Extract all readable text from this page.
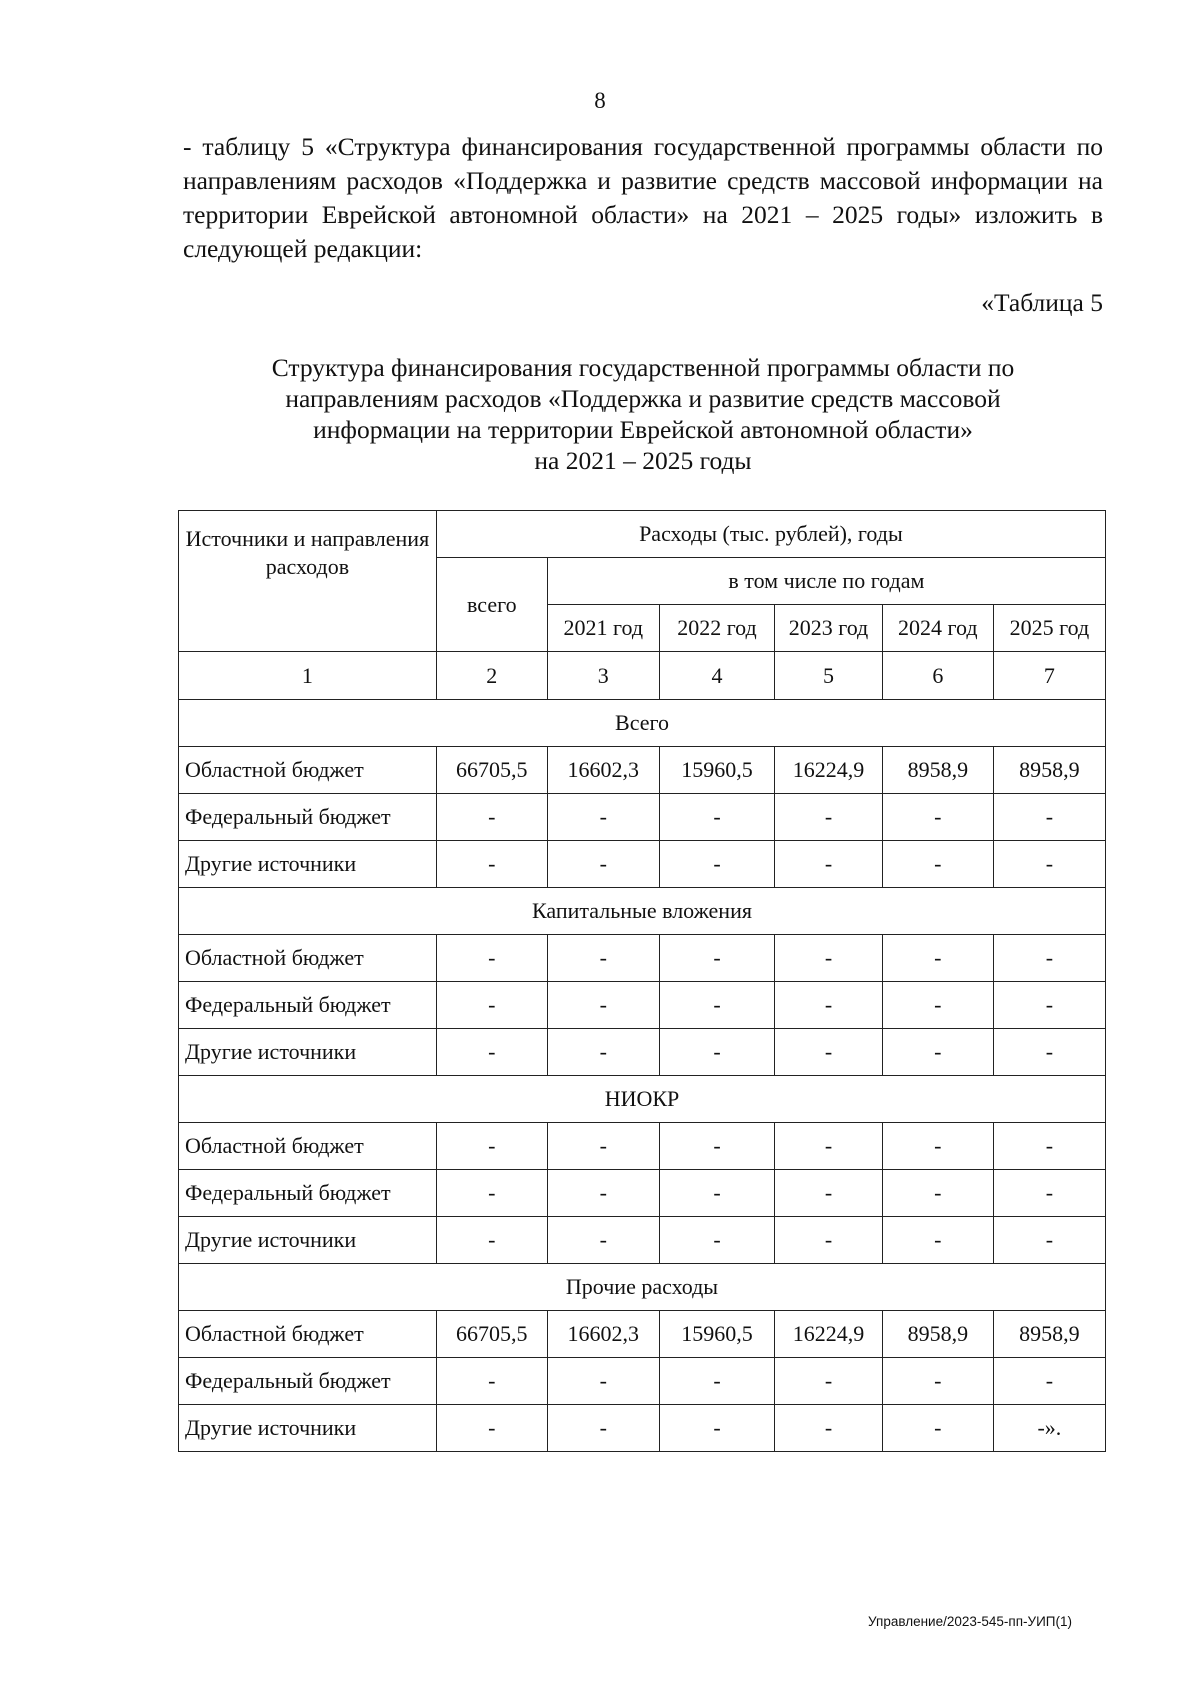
8

- таблицу 5 «Структура финансирования государственной программы области по направлениям расходов «Поддержка и развитие средств массовой информации на территории Еврейской автономной области» на 2021 – 2025 годы» изложить в следующей редакции:

«Таблица 5
Структура финансирования государственной программы области по
направлениям расходов «Поддержка и развитие средств массовой
информации на территории Еврейской автономной области»
на 2021 – 2025 годы
Источники и направления расходов	Расходы (тыс. рублей), годы					
	всего	в том числе по годам				
		2021 год	2022 год	2023 год	2024 год	2025 год
1	2	3	4	5	6	7
Всего						
Областной бюджет	66705,5	16602,3	15960,5	16224,9	8958,9	8958,9
Федеральный бюджет	-	-	-	-	-	-
Другие источники	-	-	-	-	-	-
Капитальные вложения						
Областной бюджет	-	-	-	-	-	-
Федеральный бюджет	-	-	-	-	-	-
Другие источники	-	-	-	-	-	-
НИОКР						
Областной бюджет	-	-	-	-	-	-
Федеральный бюджет	-	-	-	-	-	-
Другие источники	-	-	-	-	-	-
Прочие расходы						
Областной бюджет	66705,5	16602,3	15960,5	16224,9	8958,9	8958,9
Федеральный бюджет	-	-	-	-	-	-
Другие источники	-	-	-	-	-	-».
Управление/2023-545-пп-УИП(1)
